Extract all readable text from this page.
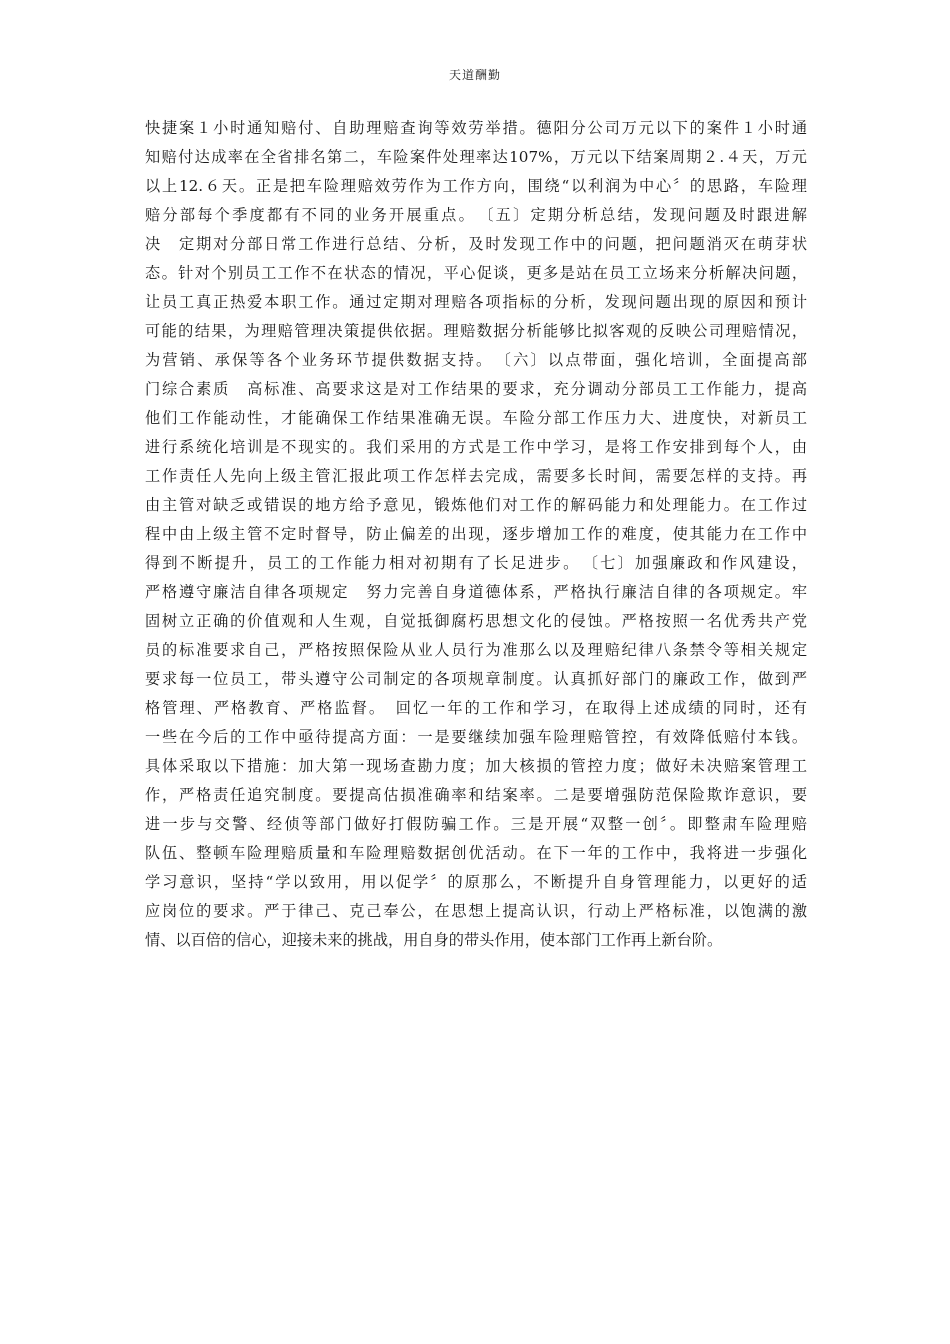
天道酬勤
快捷案１小时通知赔付、自助理赔查询等效劳举措。德阳分公司万元以下的案件１小时通
知赔付达成率在全省排名第二，车险案件处理率达107%，万元以下结案周期２.４天，万元
以上12.６天。正是把车险理赔效劳作为工作方向，围绕“以利润为中心〞的思路，车险理
赔分部每个季度都有不同的业务开展重点。　〔五〕定期分析总结，发现问题及时跟进解
决　定期对分部日常工作进行总结、分析，及时发现工作中的问题，把问题消灭在萌芽状
态。针对个别员工工作不在状态的情况，平心促谈，更多是站在员工立场来分析解决问题，
让员工真正热爱本职工作。通过定期对理赔各项指标的分析，发现问题出现的原因和预计
可能的结果，为理赔管理决策提供依据。理赔数据分析能够比拟客观的反映公司理赔情况，
为营销、承保等各个业务环节提供数据支持。　〔六〕以点带面，强化培训，全面提高部
门综合素质　高标准、高要求这是对工作结果的要求，充分调动分部员工工作能力，提高
他们工作能动性，才能确保工作结果准确无误。车险分部工作压力大、进度快，对新员工
进行系统化培训是不现实的。我们采用的方式是工作中学习，是将工作安排到每个人，由
工作责任人先向上级主管汇报此项工作怎样去完成，需要多长时间，需要怎样的支持。再
由主管对缺乏或错误的地方给予意见，锻炼他们对工作的解码能力和处理能力。在工作过
程中由上级主管不定时督导，防止偏差的出现，逐步增加工作的难度，使其能力在工作中
得到不断提升，员工的工作能力相对初期有了长足进步。　〔七〕加强廉政和作风建设，
严格遵守廉洁自律各项规定　努力完善自身道德体系，严格执行廉洁自律的各项规定。牢
固树立正确的价值观和人生观，自觉抵御腐朽思想文化的侵蚀。严格按照一名优秀共产党
员的标准要求自己，严格按照保险从业人员行为准那么以及理赔纪律八条禁令等相关规定
要求每一位员工，带头遵守公司制定的各项规章制度。认真抓好部门的廉政工作，做到严
格管理、严格教育、严格监督。　回忆一年的工作和学习，在取得上述成绩的同时，还有
一些在今后的工作中亟待提高方面：一是要继续加强车险理赔管控，有效降低赔付本钱。
具体采取以下措施：加大第一现场查勘力度；加大核损的管控力度；做好未决赔案管理工
作，严格责任追究制度。要提高估损准确率和结案率。二是要增强防范保险欺诈意识，要
进一步与交警、经侦等部门做好打假防骗工作。三是开展“双整一创〞。即整肃车险理赔
队伍、整顿车险理赔质量和车险理赔数据创优活动。在下一年的工作中，我将进一步强化
学习意识，坚持“学以致用，用以促学〞的原那么，不断提升自身管理能力，以更好的适
应岗位的要求。严于律己、克己奉公，在思想上提高认识，行动上严格标准，以饱满的激
情、以百倍的信心，迎接未来的挑战，用自身的带头作用，使本部门工作再上新台阶。
